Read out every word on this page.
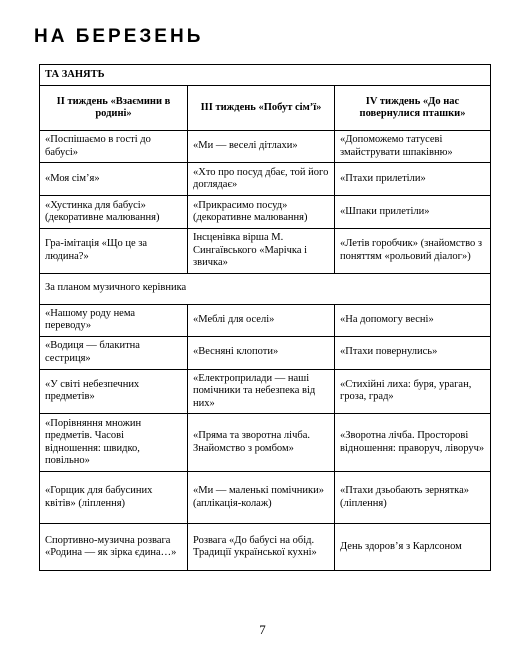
НА БЕРЕЗЕНЬ
ТА ЗАНЯТЬ		
ІІ тиждень «Взаємини в родині»	ІІІ тиждень «Побут сім’ї»	IV тиждень «До нас повернулися пташки»
«Поспішаємо в гості до бабусі»	«Ми — веселі дітлахи»	«Допоможемо татусеві змайструвати шпаківню»
«Моя сім’я»	«Хто про посуд дбає, той його доглядає»	«Птахи прилетіли»
«Хустинка для бабусі» (декоративне малювання)	«Прикрасимо посуд» (декоративне малювання)	«Шпаки прилетіли»
Гра-імітація «Що це за людина?»	Інсценівка вірша М. Сингаївського «Марічка і звичка»	«Летів горобчик» (знайомство з поняттям «рольовий діалог»)
За планом музичного керівника		
«Нашому роду нема переводу»	«Меблі для оселі»	«На допомогу весні»
«Водиця — блакитна сестриця»	«Весняні клопоти»	«Птахи повернулись»
«У світі небезпечних предметів»	«Електроприлади — наші помічники та небезпека від них»	«Стихійні лиха: буря, ураган, гроза, град»
«Порівняння множин предметів. Часові відношення: швидко, повільно»	«Пряма та зворотна лічба. Знайомство з ромбом»	«Зворотна лічба. Просторові відношення: праворуч, ліворуч»
«Горщик для бабусиних квітів» (ліплення)	«Ми — маленькі помічники» (аплікація-колаж)	«Птахи дзьобають зернятка» (ліплення)
Спортивно-музична розвага «Родина — як зірка єдина…»	Розвага «До бабусі на обід. Традиції української кухні»	День здоров’я з Карлсоном
7
